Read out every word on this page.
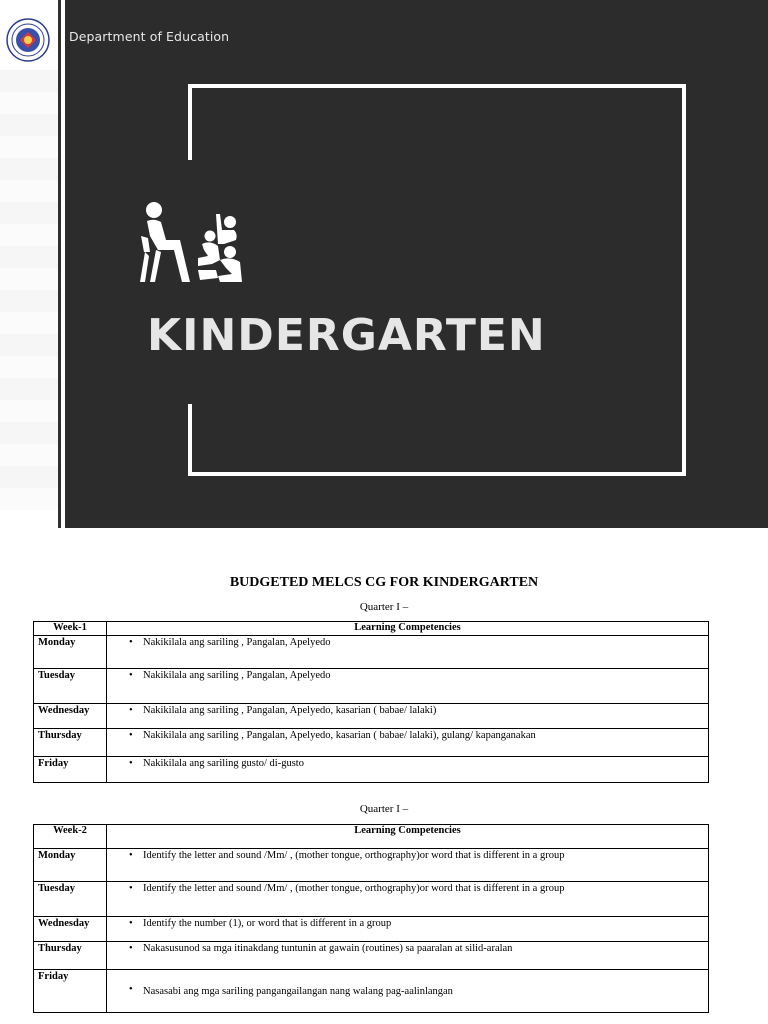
Department of Education
KINDERGARTEN
BUDGETED MELCS CG FOR KINDERGARTEN
Quarter I –
Week-1	Learning Competencies
Monday	• Nakikilala ang sariling , Pangalan, Apelyedo

Tuesday	• Nakikilala ang sariling , Pangalan, Apelyedo

Wednesday	• Nakikilala ang sariling , Pangalan, Apelyedo, kasarian ( babae/ lalaki)

Thursday	• Nakikilala ang sariling , Pangalan, Apelyedo, kasarian ( babae/ lalaki), gulang/ kapanganakan

Friday	• Nakikilala ang sariling gusto/ di-gusto
Quarter I –
Week-2	Learning Competencies
Monday	• Identify the letter and sound /Mm/ , (mother tongue, orthography)or word that is different in a group

Tuesday	• Identify the letter and sound /Mm/ , (mother tongue, orthography)or word that is different in a group

Wednesday	• Identify the number (1), or word that is different in a group

Thursday	• Nakasusunod sa mga itinakdang tuntunin at gawain (routines) sa paaralan at silid-aralan

Friday	• Nasasabi ang mga sariling pangangailangan nang walang pag-aalinlangan
